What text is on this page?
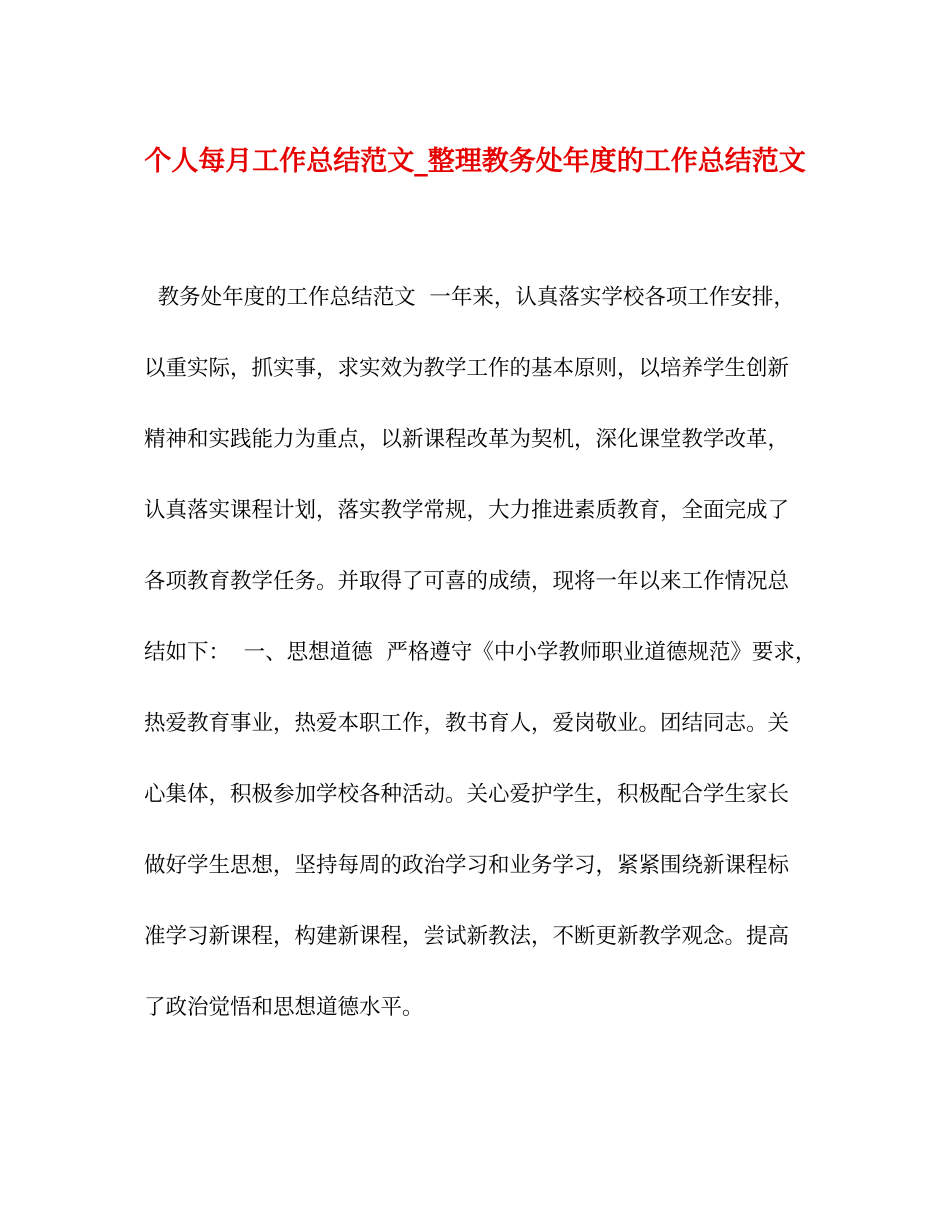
个人每月工作总结范文_整理教务处年度的工作总结范文
教务处年度的工作总结范文  一年来，认真落实学校各项工作安排，
以重实际，抓实事，求实效为教学工作的基本原则，以培养学生创新
精神和实践能力为重点，以新课程改革为契机，深化课堂教学改革，
认真落实课程计划，落实教学常规，大力推进素质教育，全面完成了
各项教育教学任务。并取得了可喜的成绩，现将一年以来工作情况总
结如下：  一、思想道德  严格遵守《中小学教师职业道德规范》要求，
热爱教育事业，热爱本职工作，教书育人，爱岗敬业。团结同志。关
心集体，积极参加学校各种活动。关心爱护学生，积极配合学生家长
做好学生思想，坚持每周的政治学习和业务学习，紧紧围绕新课程标
准学习新课程，构建新课程，尝试新教法，不断更新教学观念。提高
了政治觉悟和思想道德水平。
